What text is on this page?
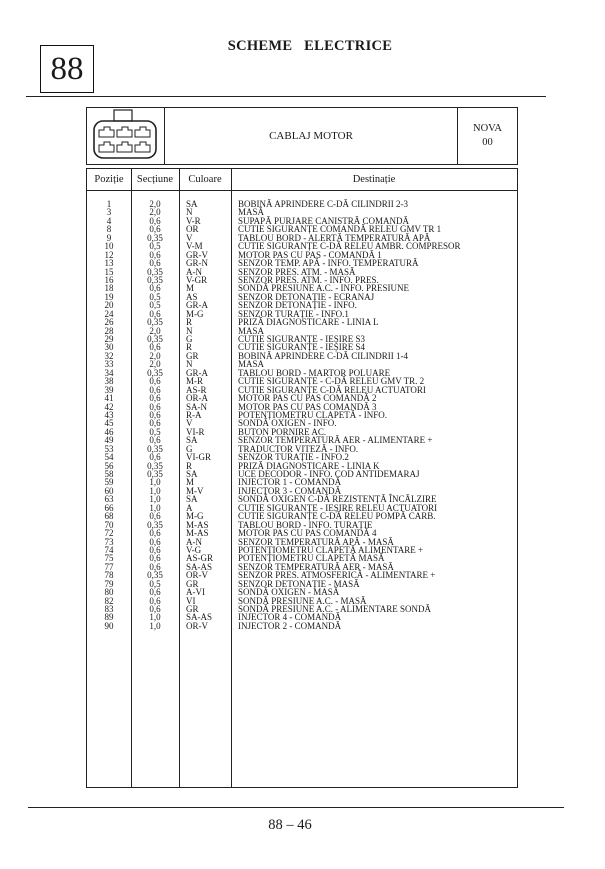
88
SCHEME   ELECTRICE
CABLAJ MOTOR
NOVA
00
Poziție	Secțiune	Culoare	Destinație
1	2,0	SA	BOBINĂ APRINDERE C-DĂ CILINDRII 2-3
3	2,0	N	MASĂ
4	0,6	V-R	SUPAPĂ PURJARE CANISTRĂ COMANDĂ
8	0,6	OR	CUTIE SIGURANȚE COMANDĂ RELEU GMV TR 1
9	0,35	V	TABLOU BORD - ALERTĂ TEMPERATURĂ APĂ
10	0,5	V-M	CUTIE SIGURANȚE C-DĂ RELEU AMBR. COMPRESOR
12	0,6	GR-V	MOTOR PAS CU PAS - COMANDĂ 1
13	0,6	GR-N	SENZOR TEMP. APĂ - INFO. TEMPERATURĂ
15	0,35	A-N	SENZOR PRES. ATM. - MASĂ
16	0,35	V-GR	SENZOR PRES. ATM. - INFO. PRES.
18	0,6	M	SONDĂ PRESIUNE A.C. - INFO. PRESIUNE
19	0,5	AS	SENZOR DETONAȚIE - ECRANAJ
20	0,5	GR-A	SENZOR DETONAȚIE - INFO.
24	0,6	M-G	SENZOR TURAȚIE - INFO.1
26	0,35	R	PRIZĂ DIAGNOSTICARE - LINIA L
28	2,0	N	MASA
29	0,35	G	CUTIE SIGURANȚE - IEȘIRE S3
30	0,6	R	CUTIE SIGURANȚE - IEȘIRE S4
32	2,0	GR	BOBINĂ APRINDERE C-DĂ CILINDRII 1-4
33	2,0	N	MASA
34	0,35	GR-A	TABLOU BORD - MARTOR POLUARE
38	0,6	M-R	CUTIE SIGURANȚE - C-DĂ RELEU GMV TR. 2
39	0,6	AS-R	CUTIE SIGURANȚE C-DĂ RELEU ACTUATORI
41	0,6	OR-A	MOTOR PAS CU PAS COMANDĂ 2
42	0,6	SA-N	MOTOR PAS CU PAS COMANDĂ 3
43	0,6	R-A	POTENȚIOMETRU CLAPETĂ - INFO.
45	0,6	V	SONDĂ OXIGEN - INFO.
46	0,5	VI-R	BUTON PORNIRE AC.
49	0,6	SA	SENZOR TEMPERATURĂ AER - ALIMENTARE +
53	0,35	G	TRADUCTOR VITEZĂ - INFO.
54	0,6	VI-GR	SENZOR TURAȚIE - INFO.2
56	0,35	R	PRIZĂ DIAGNOSTICARE - LINIA K
58	0,35	SA	UCE DECODOR - INFO. COD ANTIDEMARAJ
59	1,0	M	INJECTOR 1 - COMANDĂ
60	1,0	M-V	INJECTOR 3 - COMANDĂ
63	1,0	SA	SONDĂ OXIGEN C-DĂ REZISTENȚĂ ÎNCĂLZIRE
66	1,0	A	CUTIE SIGURANȚE - IEȘIRE RELEU ACTUATORI
68	0,6	M-G	CUTIE SIGURANȚE C-DĂ RELEU POMPĂ CARB.
70	0,35	M-AS	TABLOU BORD - INFO. TURAȚIE
72	0,6	M-AS	MOTOR PAS CU PAS COMANDĂ 4
73	0,6	A-N	SENZOR TEMPERATURĂ APĂ - MASĂ
74	0,6	V-G	POTENȚIOMETRU CLAPETĂ ALIMENTARE +
75	0,6	AS-GR	POTENȚIOMETRU CLAPETĂ MASĂ
77	0,6	SA-AS	SENZOR TEMPERATURĂ AER - MASĂ
78	0,35	OR-V	SENZOR PRES. ATMOSFERICĂ - ALIMENTARE +
79	0,5	GR	SENZOR DETONAȚIE - MASĂ
80	0,6	A-VI	SONDĂ OXIGEN - MASĂ
82	0,6	VI	SONDĂ PRESIUNE A.C. - MASĂ
83	0,6	GR	SONDĂ PRESIUNE A.C. - ALIMENTARE SONDĂ
89	1,0	SA-AS	INJECTOR 4 - COMANDĂ
90	1,0	OR-V	INJECTOR 2 - COMANDĂ
88 – 46
